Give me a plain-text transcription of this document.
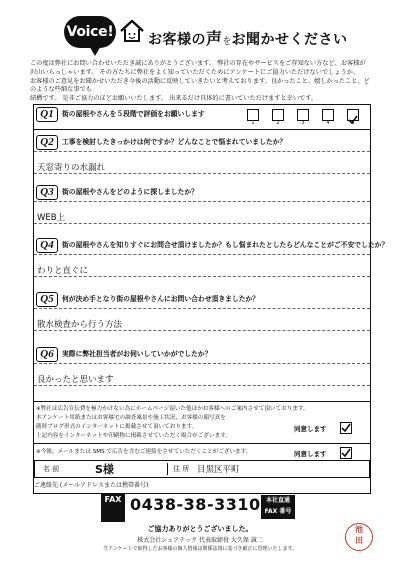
Voice! お客様の声をお聞かせください
この度は弊社にお問い合わせいただき誠にありがとうございます。 弊社の存在やサービスをご存知ない方など、お客様が
沢山いらっしゃいます。 その方たちに弊社をよく知っていただくためにアンケートにご協力いただけないでしょうか。
お客様のご意見をお聞かせいただき今後の活動に反映していきたいと考えております。良かったこと、嬉しかったこと、どのような些細な事でも
結構です。 是非ご協力のほどお願いいたします。 出来るだけ具体的に書いていただけますと幸いです。
Q1	街の屋根やさんを５段階で評価をお願いします
1	2	3	4	5
Q2	工事を検討したきっかけは何ですか？どんなことで悩まれていましたか？
天窓寄りの水漏れ
Q3	街の屋根やさんをどのように探しましたか？
WEB上
Q4	街の屋根やさんを知りすぐにお問合せ頂けましたか？もし悩まれたとしたらどんなことがご不安でしたか？
わりと直ぐに
Q5	何が決め手となり街の屋根やさんにお問い合わせ頂きましたか？
散水検査から行う方法
Q6	実際に弊社担当者がお伺いしていかがでしたか？
良かったと思います
※弊社は広告宣伝費を極力かけない為にホームページ頂いた他ほかお客様へのご案内させて頂いております。
本アンケート用紙またはお客様宅の調査風景や施工状況、お客様の顔写真を
随時ブログ形式のインターネットに掲載させて頂いております。
上記内容をインターネットや印刷物に掲載させていただく場合がございます。
同意します
※今後、メールまたは SMS で広告を含むご連絡をさせていただくことがございます。	同意します
名 前	S様	住 所 目黒区平町
ご連絡先 (メールアドレスまたは携帯番号)
FAX 0438-38-3310 本社直通
FAX 番号
ご協力ありがとうございました。
株式会社シェアテック 代表取締役 大久保 誠二
当アンケートで取得したお客様の個人情報は関係法規に基づき厳正に管理いたします。
池
田
